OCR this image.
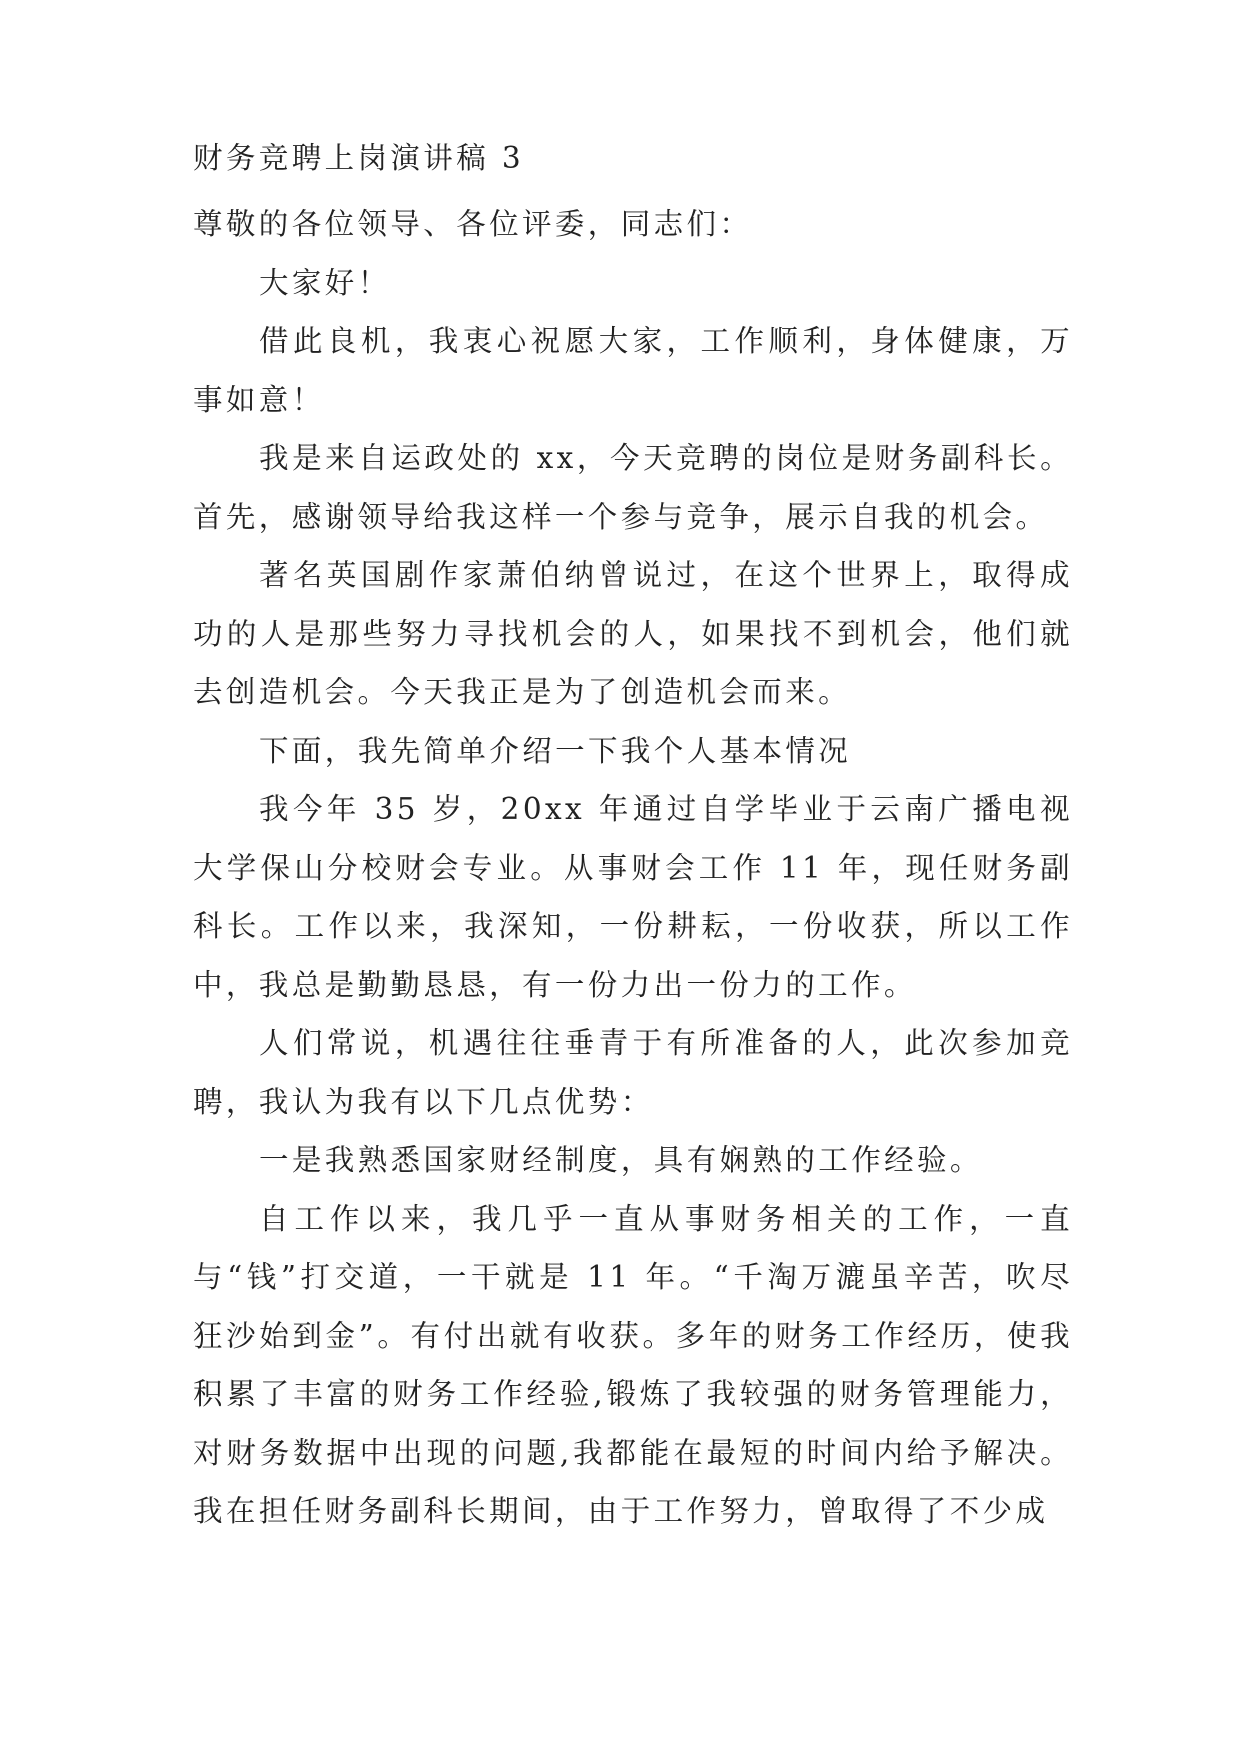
财务竞聘上岗演讲稿 3

尊敬的各位领导、各位评委，同志们：

大家好！

借此良机，我衷心祝愿大家，工作顺利，身体健康，万事如意！

我是来自运政处的 xx，今天竞聘的岗位是财务副科长。首先，感谢领导给我这样一个参与竞争，展示自我的机会。

著名英国剧作家萧伯纳曾说过，在这个世界上，取得成功的人是那些努力寻找机会的人，如果找不到机会，他们就去创造机会。今天我正是为了创造机会而来。

下面，我先简单介绍一下我个人基本情况

我今年 35 岁，20xx 年通过自学毕业于云南广播电视大学保山分校财会专业。从事财会工作 11 年，现任财务副科长。工作以来，我深知，一份耕耘，一份收获，所以工作中，我总是勤勤恳恳，有一份力出一份力的工作。

人们常说，机遇往往垂青于有所准备的人，此次参加竞聘，我认为我有以下几点优势：

一是我熟悉国家财经制度，具有娴熟的工作经验。

自工作以来，我几乎一直从事财务相关的工作，一直与“钱”打交道，一干就是 11 年。“千淘万漉虽辛苦，吹尽狂沙始到金”。有付出就有收获。多年的财务工作经历，使我积累了丰富的财务工作经验,锻炼了我较强的财务管理能力，对财务数据中出现的问题,我都能在最短的时间内给予解决。我在担任财务副科长期间，由于工作努力，曾取得了不少成
